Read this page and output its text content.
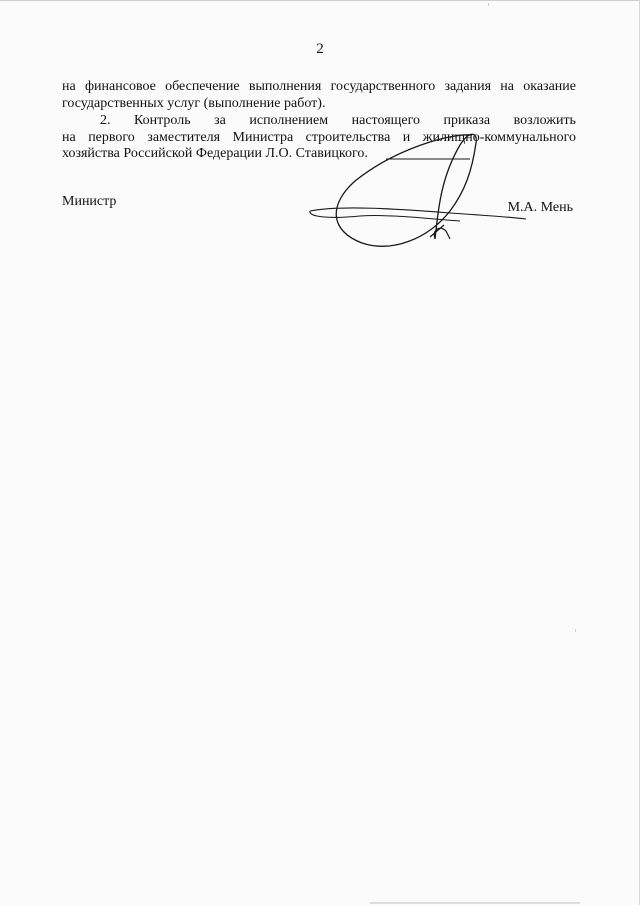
2
на финансовое обеспечение выполнения государственного задания на оказание
государственных услуг (выполнение работ).
2. Контроль за исполнением настоящего приказа возложить
на первого заместителя Министра строительства и жилищно-коммунального
хозяйства Российской Федерации Л.О. Ставицкого.
Министр	М.А. Мень
